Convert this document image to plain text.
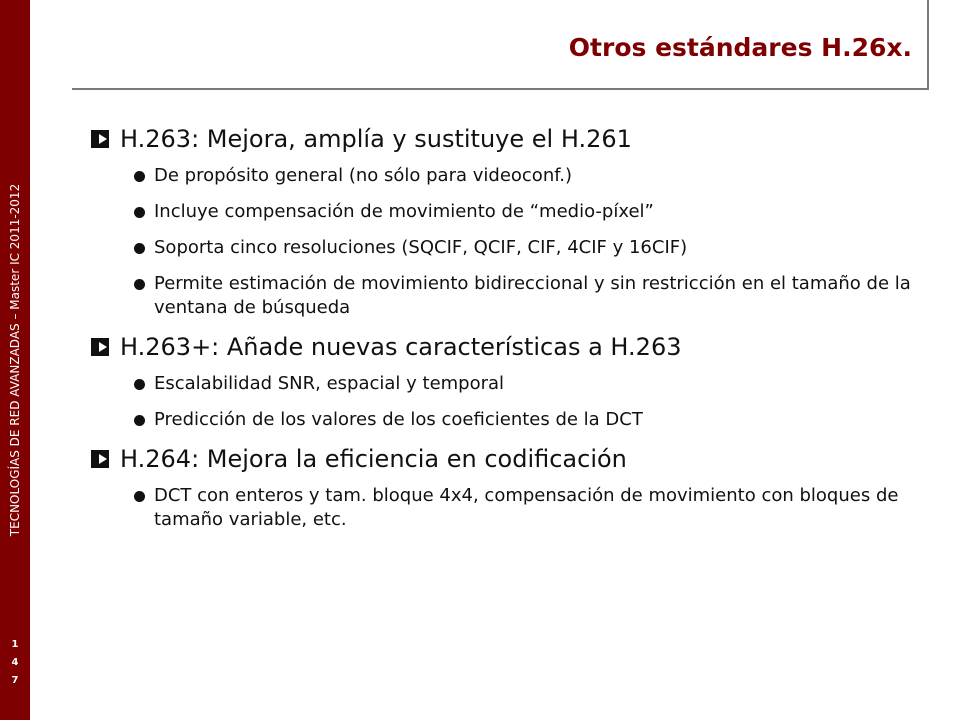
TECNOLOGÍAS DE RED AVANZADAS – Master IC 2011-2012
1
4
7
Otros estándares H.26x.
H.263: Mejora, amplía y sustituye el H.261
De propósito general (no sólo para videoconf.)
Incluye compensación de movimiento de “medio-píxel”
Soporta cinco resoluciones (SQCIF, QCIF, CIF, 4CIF y 16CIF)
Permite estimación de movimiento bidireccional y sin restricción en el tamaño de la ventana de búsqueda
H.263+: Añade nuevas características a H.263
Escalabilidad SNR, espacial y temporal
Predicción de los valores de los coeficientes de la DCT
H.264: Mejora la eficiencia en codificación
DCT con enteros y tam. bloque 4x4, compensación de movimiento con bloques de tamaño variable, etc.
